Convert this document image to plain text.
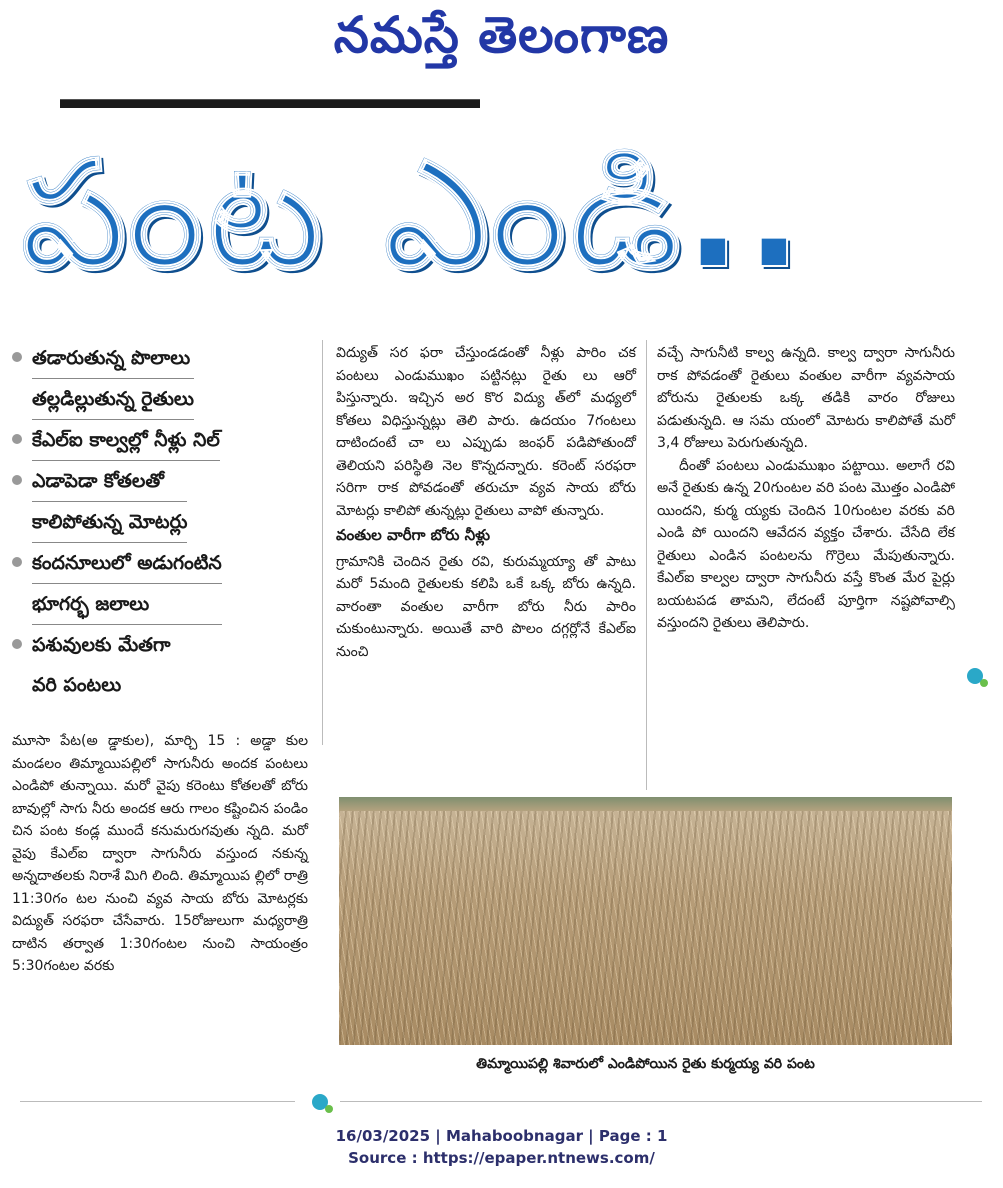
నమస్తే తెలంగాణ
పంట ఎండి..
తడారుతున్న పొలాలు
తల్లడిల్లుతున్న రైతులు
కేఎల్ఐ కాల్వల్లో నీళ్లు నిల్
ఎడాపెడా కోతలతో
కాలిపోతున్న మోటర్లు
కందనూలులో అడుగంటిన
భూగర్భ జలాలు
పశువులకు మేతగా
వరి పంటలు

మూసా పేట(అ డ్డాకుల), మార్చి 15 : అడ్డా కుల మండలం తిమ్మాయిపల్లిలో సాగునీరు అందక పంటలు ఎండిపో తున్నాయి. మరో వైపు కరెంటు కోతలతో బోరు బావుల్లో సాగు నీరు అందక ఆరు గాలం కష్టించిన పండిం చిన పంట కండ్ల ముందే కనుమరుగవుతు న్నది. మరో వైపు కేఎల్ఐ ద్వారా సాగునీరు వస్తుంద నకున్న అన్నదాతలకు నిరాశే మిగి లింది. తిమ్మాయిప ల్లిలో రాత్రి 11:30గం టల నుంచి వ్యవ సాయ బోరు మోటర్లకు విద్యుత్ సరఫరా చేసేవారు. 15రోజులుగా మధ్యరాత్రి దాటిన తర్వాత 1:30గంటల నుంచి సాయంత్రం 5:30గంటల వరకు

విద్యుత్ సర ఫరా చేస్తుండడంతో నీళ్లు పారిం చక పంటలు ఎండుముఖం పట్టినట్లు రైతు లు ఆరో పిస్తున్నారు. ఇచ్చిన అర కొర విద్యు త్‌లో మధ్యలో కోతలు విధిస్తున్నట్లు తెలి పారు. ఉదయం 7గంటలు దాటిందంటే చా లు ఎప్పుడు జంఫర్ పడిపోతుందో తెలియని పరిస్థితి నెల కొన్నదన్నారు. కరెంట్ సరఫరా సరిగా రాక పోవడంతో తరుచూ వ్యవ సాయ బోరు మోటర్లు కాలిపో తున్నట్లు రైతులు వాపో తున్నారు.

వంతుల వారీగా బోరు నీళ్లు

గ్రామానికి చెందిన రైతు రవి, కురుమ్మయ్యా తో పాటు మరో 5మంది రైతులకు కలిపి ఒకే ఒక్క బోరు ఉన్నది. వారంతా వంతుల వారీగా బోరు నీరు పారిం చుకుంటున్నారు. అయితే వారి పొలం దగ్గర్లోనే కేఎల్ఐ నుంచి

వచ్చే సాగునీటి కాల్వ ఉన్నది. కాల్వ ద్వారా సాగునీరు రాక పోవడంతో రైతులు వంతుల వారీగా వ్యవసాయ బోరును రైతులకు ఒక్క తడికి వారం రోజులు పడుతున్నది. ఆ సమ యంలో మోటరు కాలిపోతే మరో 3,4 రోజులు పెరుగుతున్నది.

దీంతో పంటలు ఎండుముఖం పట్టాయి. అలాగే రవి అనే రైతుకు ఉన్న 20గుంటల వరి పంట మొత్తం ఎండిపో యిందని, కుర్మ య్యకు చెందిన 10గుంటల వరకు వరి ఎండి పో యిందని ఆవేదన వ్యక్తం చేశారు. చేసేది లేక రైతులు ఎండిన పంటలను గొర్రెలు మేపుతున్నారు. కేఎల్ఐ కాల్వల ద్వారా సాగునీరు వస్తే కొంత మేర పైర్లు బయటపడ తామని, లేదంటే పూర్తిగా నష్టపోవాల్సి వస్తుందని రైతులు తెలిపారు.

తిమ్మాయిపల్లి శివారులో ఎండిపోయిన రైతు కుర్మయ్య వరి పంట
16/03/2025 | Mahaboobnagar | Page : 1
Source : https://epaper.ntnews.com/
